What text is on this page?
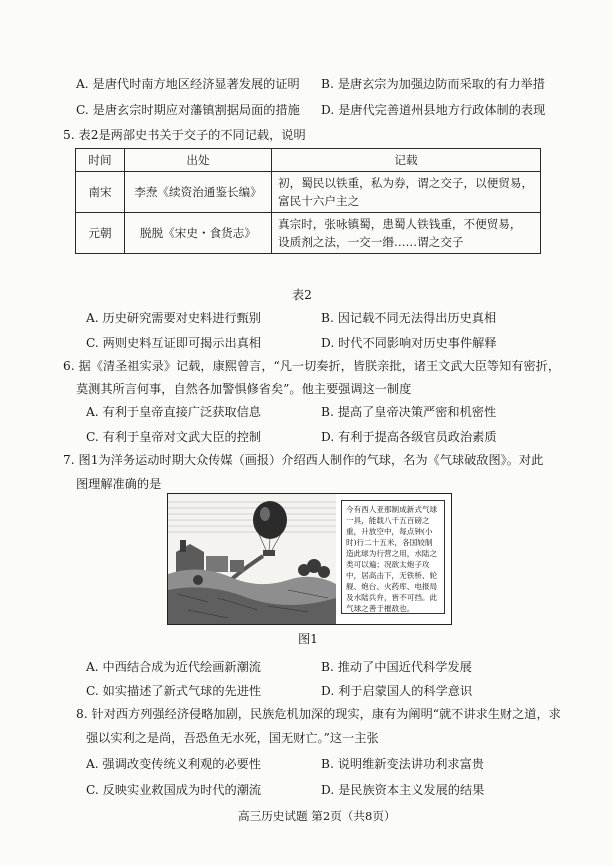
A. 是唐代时南方地区经济显著发展的证明 B. 是唐玄宗为加强边防而采取的有力举措
C. 是唐玄宗时期应对藩镇割据局面的措施 D. 是唐代完善道州县地方行政体制的表现
5. 表2是两部史书关于交子的不同记载，说明
时间	出处	记载
南宋	李焘《续资治通鉴长编》	初，蜀民以铁重，私为券，谓之交子，以便贸易，
富民十六户主之

元朝	脱脱《宋史・食货志》	真宗时，张咏镇蜀，患蜀人铁钱重，不便贸易，
设质剂之法，一交一缗……谓之交子
表2
A. 历史研究需要对史料进行甄别	B. 因记载不同无法得出历史真相
C. 两则史料互证即可揭示出真相	D. 时代不同影响对历史事件解释
6. 据《清圣祖实录》记载，康熙曾言，“凡一切奏折，皆朕亲批，诸王文武大臣等知有密折，
莫测其所言何事，自然各加警惧修省矣”。他主要强调这一制度
A. 有利于皇帝直接广泛获取信息	B. 提高了皇帝决策严密和机密性
C. 有利于皇帝对文武大臣的控制	D. 有利于提高各级官员政治素质
7. 图1为洋务运动时期大众传媒（画报）介绍西人制作的气球，名为《气球破敌图》。对此
图理解准确的是
今有西人亚那制成新式气球一具，能载八千五百磅之重，升放空中，每点钟(小时)行二十五米，各国较制造此球为行营之用，水陆之类可以遍；况欲太炮子攻中，居高击下，无铁桥、轮舰、炮台、火药库、电报局及水陆兵弁，皆不可挡。此气球之善于摧敌也。
图1
A. 中西结合成为近代绘画新潮流	B. 推动了中国近代科学发展
C. 如实描述了新式气球的先进性	D. 利于启蒙国人的科学意识
8. 针对西方列强经济侵略加剧，民族危机加深的现实，康有为阐明“就不讲求生财之道，求
强以实利之是尚，吾恐鱼无水死，国无财亡。”这一主张
A. 强调改变传统义利观的必要性	B. 说明维新变法讲功利求富贵
C. 反映实业救国成为时代的潮流	D. 是民族资本主义发展的结果
高三历史试题 第2页（共8页）
